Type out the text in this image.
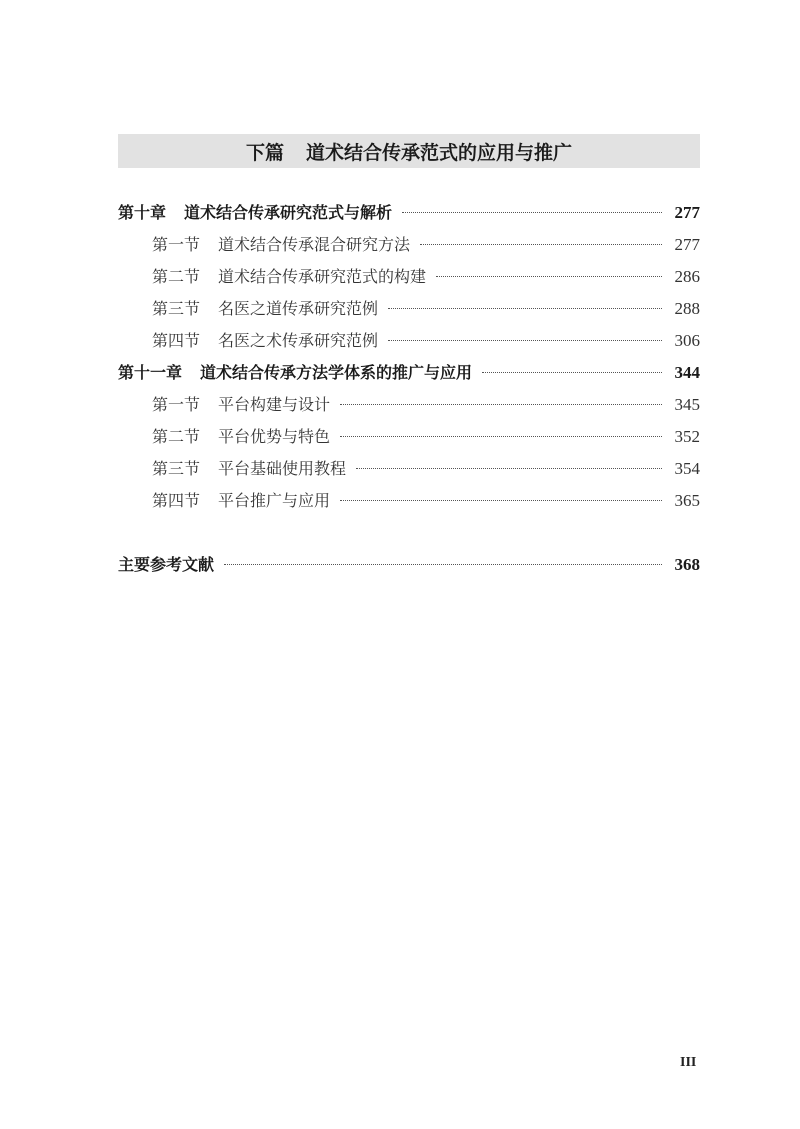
下篇 道术结合传承范式的应用与推广
第十章 道术结合传承研究范式与解析	277
第一节 道术结合传承混合研究方法	277
第二节 道术结合传承研究范式的构建	286
第三节 名医之道传承研究范例	288
第四节 名医之术传承研究范例	306
第十一章 道术结合传承方法学体系的推广与应用	344
第一节 平台构建与设计	345
第二节 平台优势与特色	352
第三节 平台基础使用教程	354
第四节 平台推广与应用	365
主要参考文献	368
III
